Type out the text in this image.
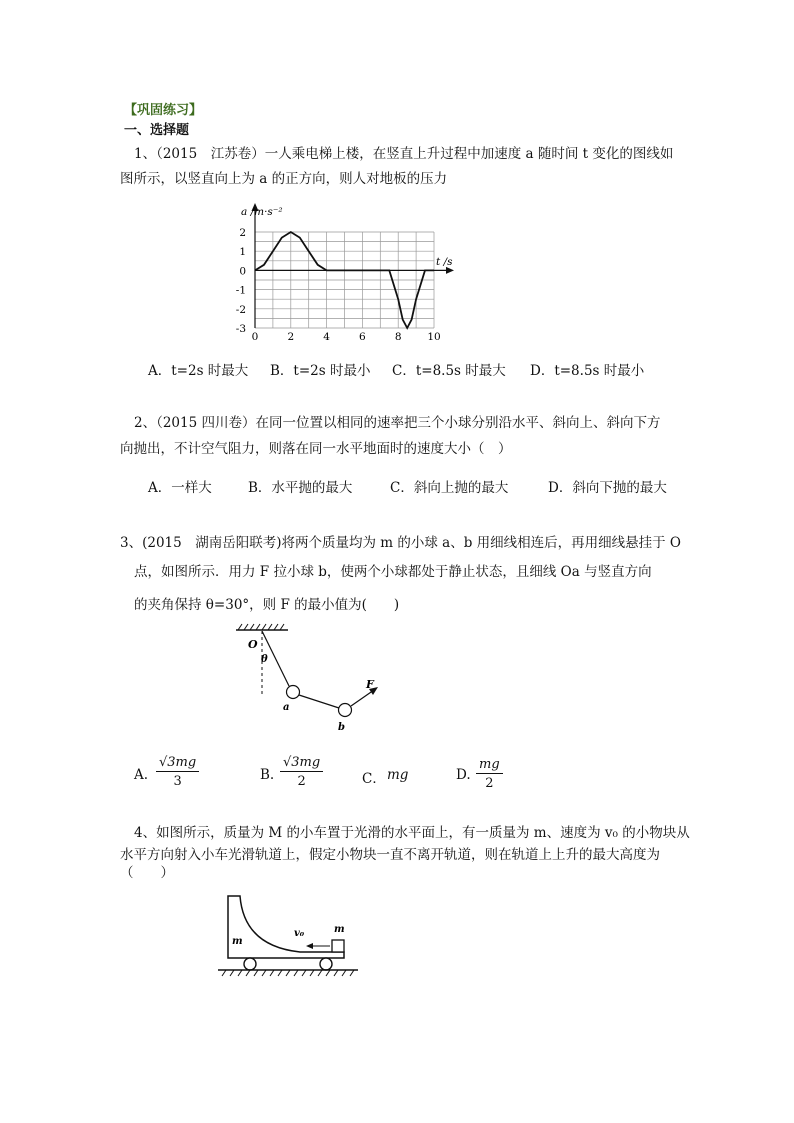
【巩固练习】
一、选择题
1、（2015　江苏卷）一人乘电梯上楼，在竖直上升过程中加速度 a 随时间 t 变化的图线如
图所示，以竖直向上为 a 的正方向，则人对地板的压力
0	2	4	6	8 10
2
1
0
-1
-2
-3
a /m·s⁻²
t /s
A．t=2s 时最大 B．t=2s 时最小 C．t=8.5s 时最大 D．t=8.5s 时最小
2、（2015 四川卷）在同一位置以相同的速率把三个小球分别沿水平、斜向上、斜向下方
向抛出，不计空气阻力，则落在同一水平地面时的速度大小（　）
A．一样大	B．水平抛的最大	C．斜向上抛的最大	D．斜向下抛的最大
3、(2015　湖南岳阳联考)将两个质量均为 m 的小球 a、b 用细线相连后，再用细线悬挂于 O
点，如图所示．用力 F 拉小球 b，使两个小球都处于静止状态，且细线 Oa 与竖直方向
的夹角保持 θ=30°，则 F 的最小值为(　　)
O
θ
a
b
F
A. $\frac{√3mg}{3}$	B. $\frac{√3mg}{2}$	C． mg	D. $\frac{mg}{2}$
4、如图所示，质量为 M 的小车置于光滑的水平面上，有一质量为 m、速度为 v₀ 的小物块从
水平方向射入小车光滑轨道上，假定小物块一直不离开轨道，则在轨道上上升的最大高度为
（　　）
v₀	m
m
